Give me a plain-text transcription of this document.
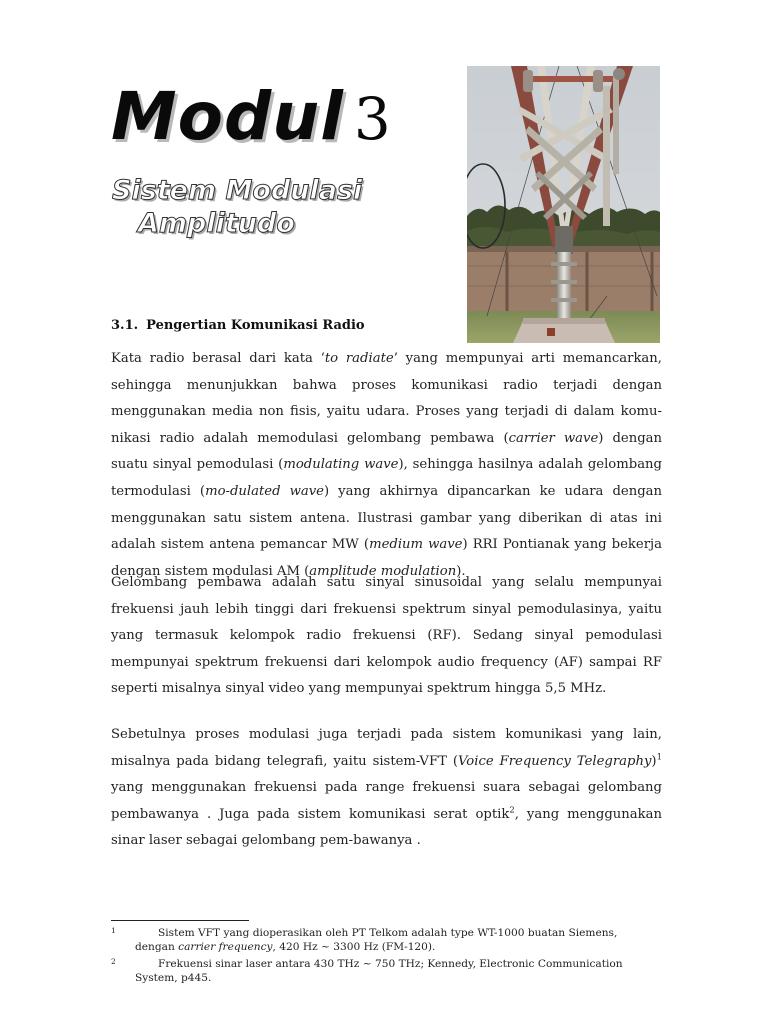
Modul 3
Sistem Modulasi
Amplitudo
3.1. Pengertian Komunikasi Radio

Kata radio berasal dari kata ‘to radiate’ yang mempunyai arti memancarkan, sehingga menunjukkan bahwa proses komunikasi radio terjadi dengan menggunakan media non fisis, yaitu udara. Proses yang terjadi di dalam komu-nikasi radio adalah memodulasi gelombang pembawa (carrier wave) dengan suatu sinyal pemodulasi (modulating wave), sehingga hasilnya adalah gelombang termodulasi (mo-dulated wave) yang akhirnya dipancarkan ke udara dengan menggunakan satu sistem antena. Ilustrasi gambar yang diberikan di atas ini adalah sistem antena pemancar MW (medium wave) RRI Pontianak yang bekerja dengan sistem modulasi AM (amplitude modulation).

Gelombang pembawa adalah satu sinyal sinusoidal yang selalu mempunyai frekuensi jauh lebih tinggi dari frekuensi spektrum sinyal pemodulasinya, yaitu yang termasuk kelompok radio frekuensi (RF). Sedang sinyal pemodulasi mempunyai spektrum frekuensi dari kelompok audio frequency (AF) sampai RF seperti misalnya sinyal video yang mempunyai spektrum hingga 5,5 MHz.

Sebetulnya proses modulasi juga terjadi pada sistem komunikasi yang lain, misalnya pada bidang telegrafi, yaitu sistem-VFT (Voice Frequency Telegraphy)$^1$ yang menggunakan frekuensi pada range frekuensi suara sebagai gelombang pembawanya . Juga pada sistem komunikasi serat optik$^2$, yang menggunakan sinar laser sebagai gelombang pem-bawanya .

1	Sistem VFT yang dioperasikan oleh PT Telkom adalah type WT-1000 buatan Siemens, dengan carrier frequency, 420 Hz ~ 3300 Hz (FM-120).
2	Frekuensi sinar laser antara 430 THz ~ 750 THz; Kennedy, Electronic Communication System, p445.
